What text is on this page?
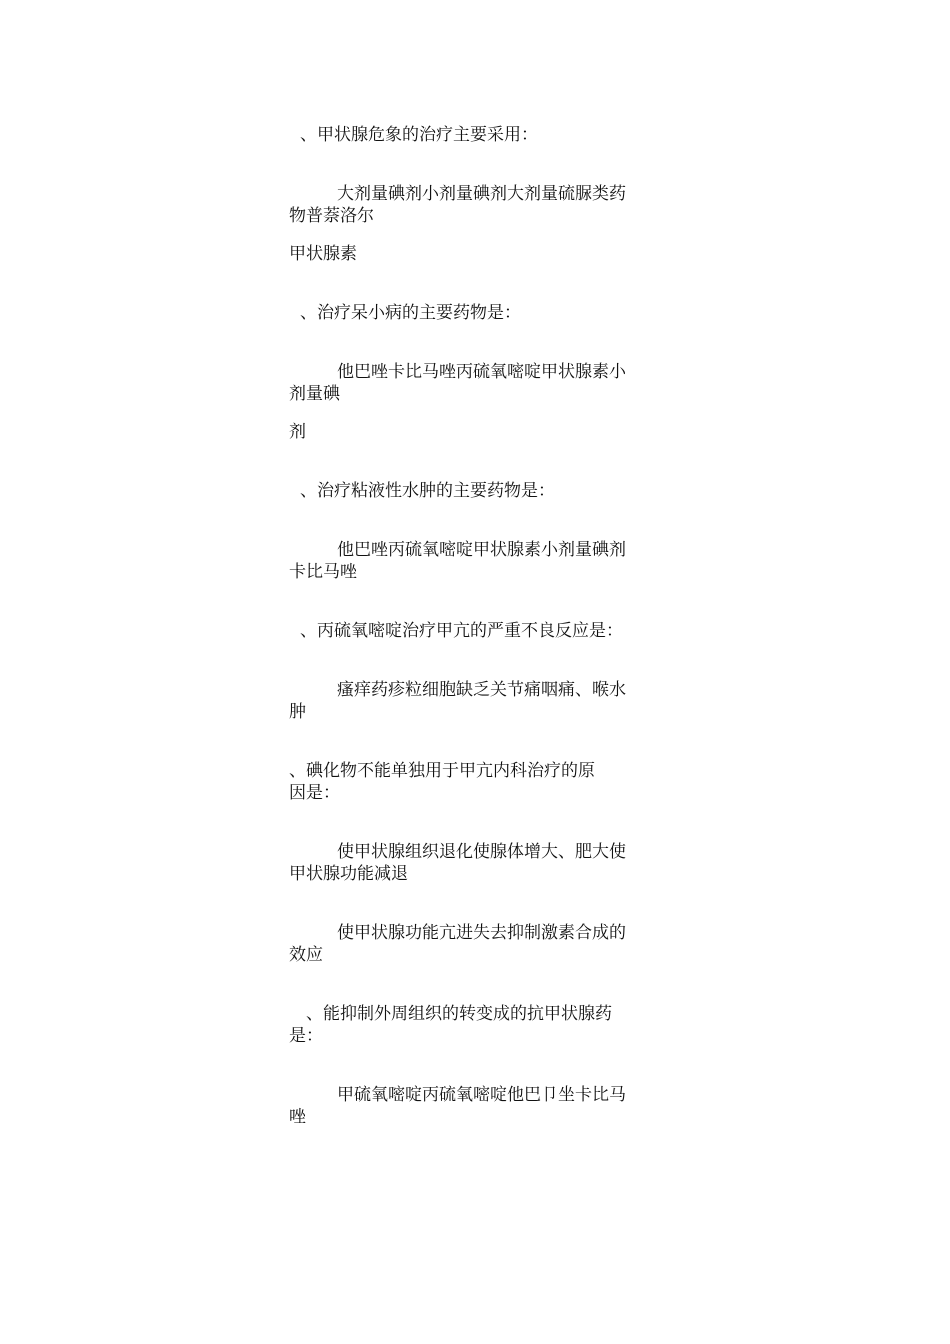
、甲状腺危象的治疗主要采用：

大剂量碘剂小剂量碘剂大剂量硫脲类药

物普萘洛尔

甲状腺素

、治疗呆小病的主要药物是：

他巴唑卡比马唑丙硫氧嘧啶甲状腺素小

剂量碘

剂

、治疗粘液性水肿的主要药物是：

他巴唑丙硫氧嘧啶甲状腺素小剂量碘剂

卡比马唑

、丙硫氧嘧啶治疗甲亢的严重不良反应是：

瘙痒药疹粒细胞缺乏关节痛咽痛、喉水

肿

、碘化物不能单独用于甲亢内科治疗的原

因是：

使甲状腺组织退化使腺体增大、肥大使

甲状腺功能减退

使甲状腺功能亢进失去抑制激素合成的

效应

、能抑制外周组织的转变成的抗甲状腺药

是：

甲硫氧嘧啶丙硫氧嘧啶他巴卩坐卡比马

唑
